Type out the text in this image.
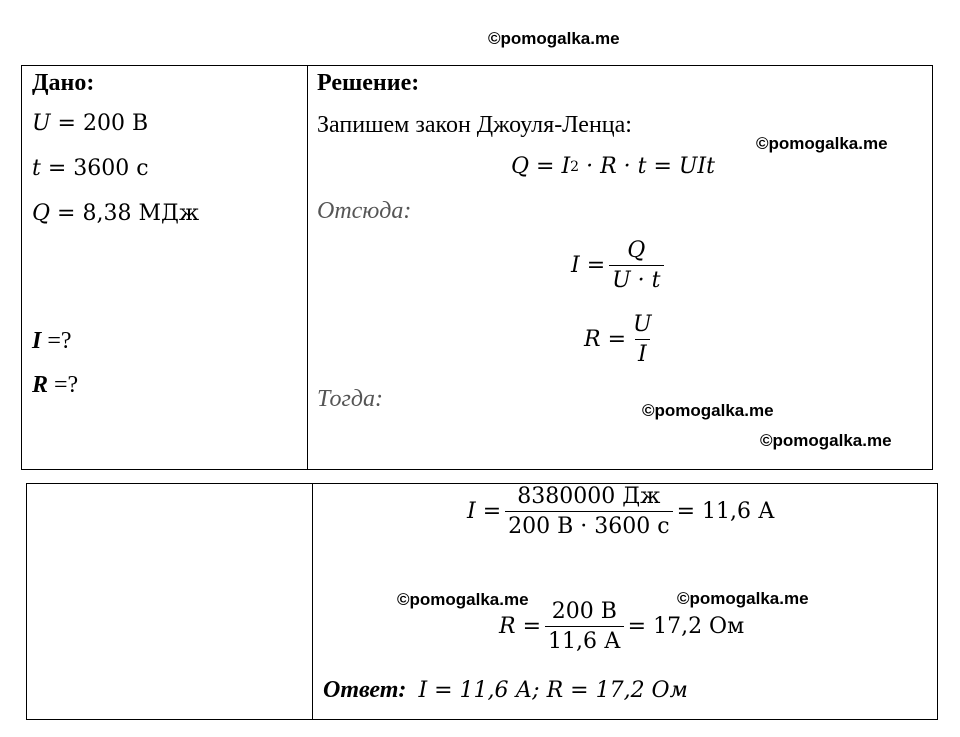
©pomogalka.me
©pomogalka.me
©pomogalka.me
©pomogalka.me
©pomogalka.me	©pomogalka.me
Дано:
U = 200 В
t = 3600 с
Q = 8,38 МДж
I =?
R =?
Решение:
Запишем закон Джоуля-Ленца:
Q = I 2
· R · t = UIt
Отсюда:
$I = \frac{Q}{U \cdot t}$
$R = \frac{U}{I}$
Тогда:
$I = \frac{8380000 Дж}{200 В \cdot 3600 с} = 11,6$ А
$R = \frac{200 В}{11,6 А} = 17,2$ Ом
Ответ: I = 11,6 А; R = 17,2 Ом
